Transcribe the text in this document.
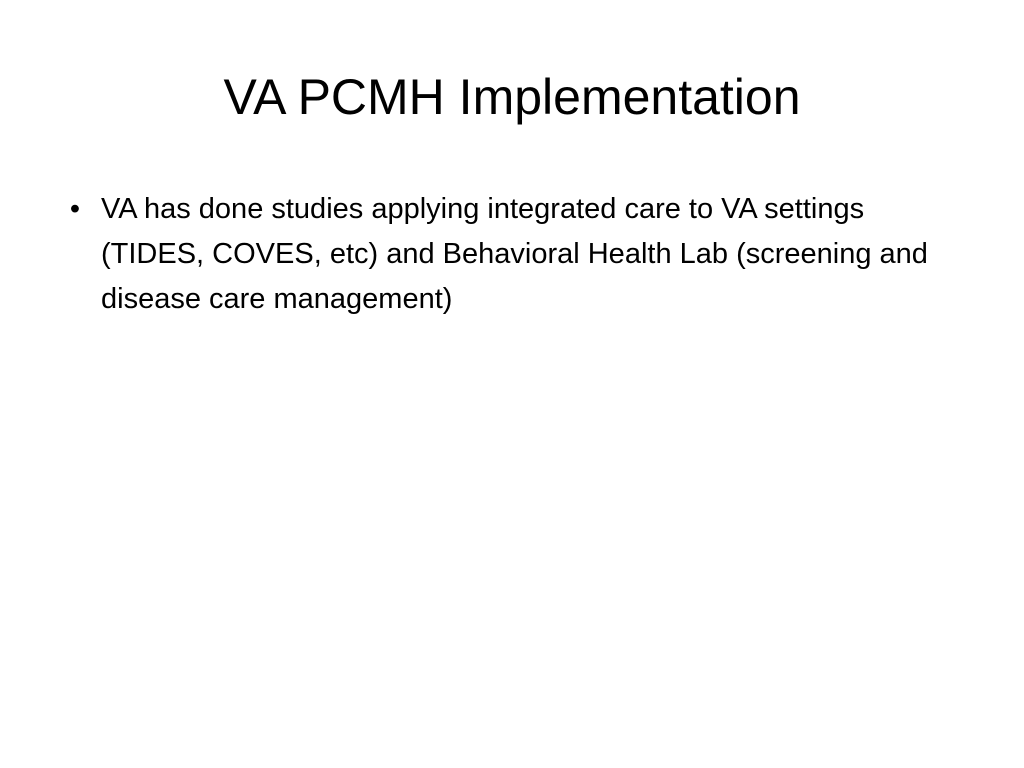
VA PCMH Implementation
• VA has done studies applying integrated care to VA settings (TIDES, COVES, etc) and Behavioral Health Lab (screening and disease care management)
